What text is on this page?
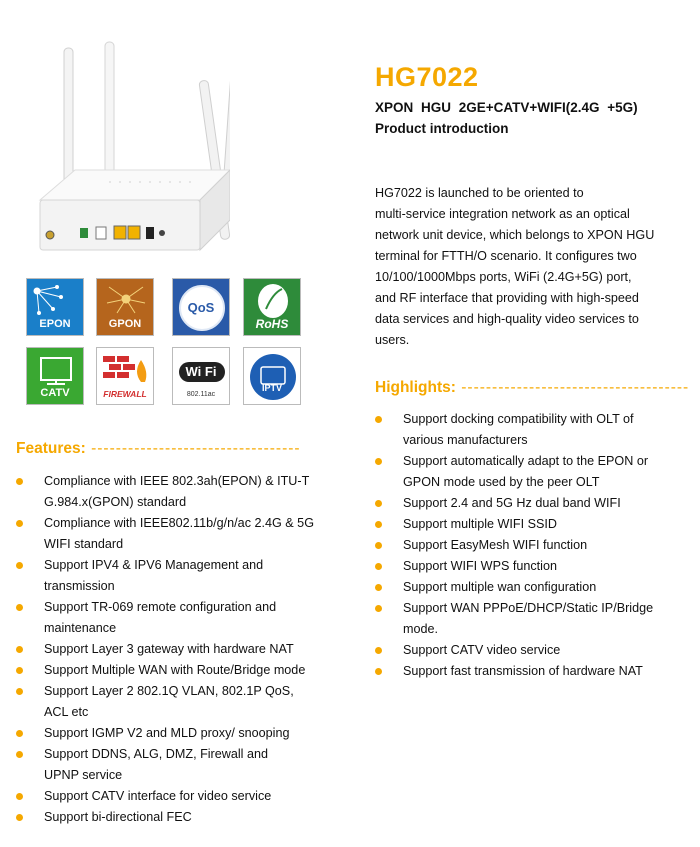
EPON	GPON
QoS
RoHS
CATV	FIREWALL
Wi Fi
802.11ac
IPTV
HG7022
XPON HGU 2GE+CATV+WIFI(2.4G +5G)
Product introduction
HG7022 is launched to be oriented to
multi-service integration network as an optical
network unit device, which belongs to XPON HGU
terminal for FTTH/O scenario. It configures two
10/100/1000Mbps ports, WiFi (2.4G+5G) port,
and RF interface that providing with high-speed
data services and high-quality video services to
users.
Highlights: -------------------------------------
Support docking compatibility with OLT of
various manufacturers
Support automatically adapt to the EPON or
GPON mode used by the peer OLT
Support 2.4 and 5G Hz dual band WIFI
Support multiple WIFI SSID
Support EasyMesh WIFI function
Support WIFI WPS function
Support multiple wan configuration
Support WAN PPPoE/DHCP/Static IP/Bridge
mode.
Support CATV video service
Support fast transmission of hardware NAT
Features: ----------------------------------
Compliance with IEEE 802.3ah(EPON) & ITU-T
G.984.x(GPON) standard
Compliance with IEEE802.11b/g/n/ac 2.4G & 5G
WIFI standard
Support IPV4 & IPV6 Management and
transmission
Support TR-069 remote configuration and
maintenance
Support Layer 3 gateway with hardware NAT
Support Multiple WAN with Route/Bridge mode
Support Layer 2 802.1Q VLAN, 802.1P QoS,
ACL etc
Support IGMP V2 and MLD proxy/ snooping
Support DDNS, ALG, DMZ, Firewall and
UPNP service
Support CATV interface for video service
Support bi-directional FEC
